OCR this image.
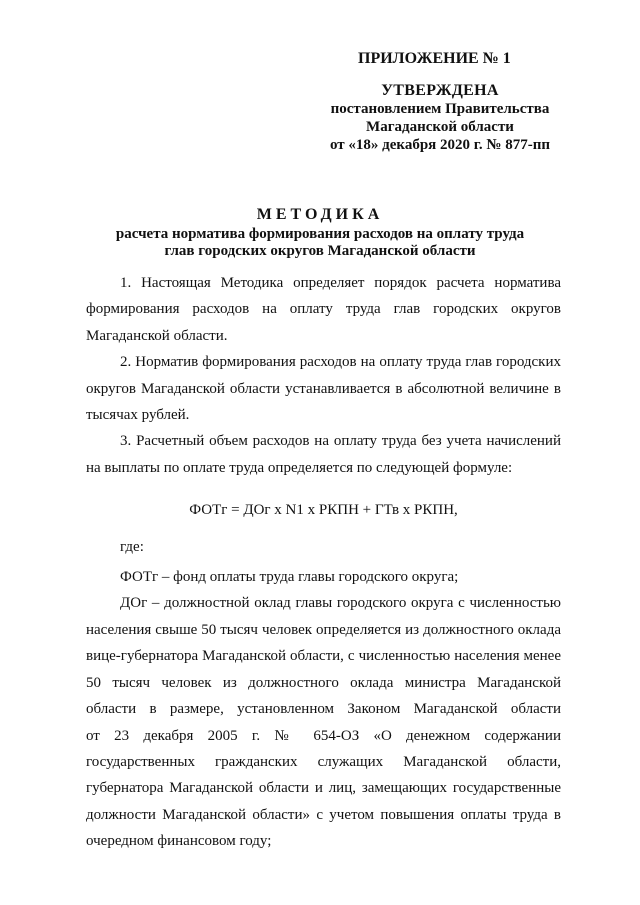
ПРИЛОЖЕНИЕ № 1
УТВЕРЖДЕНА
постановлением Правительства
Магаданской области
от «18» декабря 2020 г. № 877-пп
МЕТОДИКА
расчета норматива формирования расходов на оплату труда
глав городских округов Магаданской области

1. Настоящая Методика определяет порядок расчета норматива формирования расходов на оплату труда глав городских округов Магаданской области.

2. Норматив формирования расходов на оплату труда глав городских округов Магаданской области устанавливается в абсолютной величине в тысячах рублей.

3. Расчетный объем расходов на оплату труда без учета начислений на выплаты по оплате труда определяется по следующей формуле:

ФОТг = ДОг х N1 х РКПН + ГТв х РКПН,

где:

ФОТг – фонд оплаты труда главы городского округа;

ДОг – должностной оклад главы городского округа с численностью населения свыше 50 тысяч человек определяется из должностного оклада вице-губернатора Магаданской области, с численностью населения менее 50 тысяч человек из должностного оклада министра Магаданской области в размере, установленном Законом Магаданской области

от 23 декабря 2005 г. № 654-ОЗ «О денежном содержании государственных гражданских служащих Магаданской области, губернатора Магаданской области и лиц, замещающих государственные должности Магаданской области» с учетом повышения оплаты труда в очередном финансовом году;
